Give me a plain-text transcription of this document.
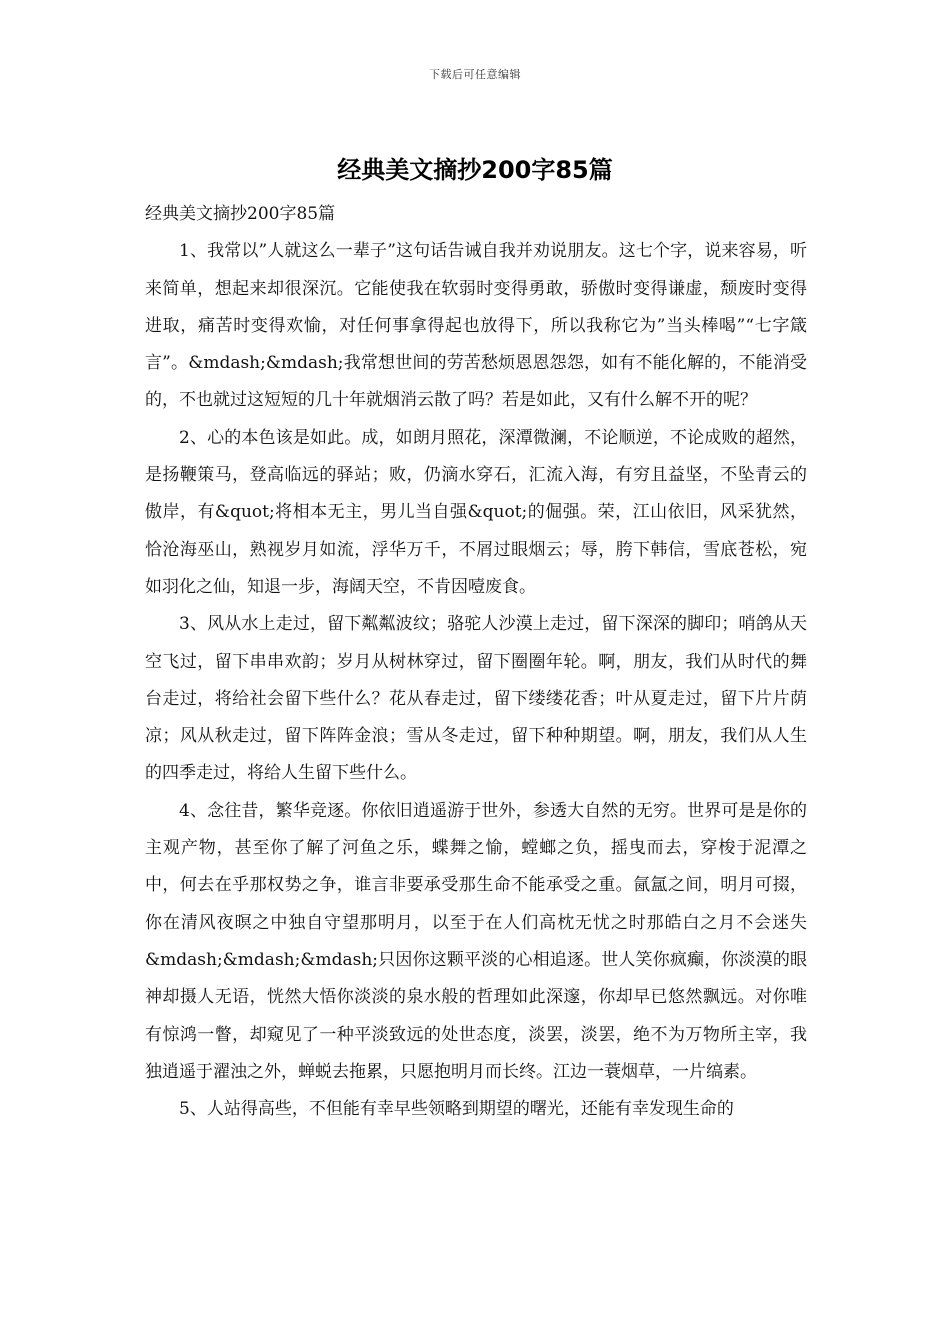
下载后可任意编辑
经典美文摘抄200字85篇

经典美文摘抄200字85篇

1、我常以”人就这么一辈子”这句话告诫自我并劝说朋友。这七个字，说来容易，听来简单，想起来却很深沉。它能使我在软弱时变得勇敢，骄傲时变得谦虚，颓废时变得进取，痛苦时变得欢愉，对任何事拿得起也放得下，所以我称它为”当头棒喝”“七字箴言”。&mdash;&mdash;我常想世间的劳苦愁烦恩恩怨怨，如有不能化解的，不能消受的，不也就过这短短的几十年就烟消云散了吗？若是如此，又有什么解不开的呢？

2、心的本色该是如此。成，如朗月照花，深潭微澜，不论顺逆，不论成败的超然，是扬鞭策马，登高临远的驿站；败，仍滴水穿石，汇流入海，有穷且益坚，不坠青云的傲岸，有&quot;将相本无主，男儿当自强&quot;的倔强。荣，江山依旧，风采犹然，恰沧海巫山，熟视岁月如流，浮华万千，不屑过眼烟云；辱，胯下韩信，雪底苍松，宛如羽化之仙，知退一步，海阔天空，不肯因噎废食。

3、风从水上走过，留下粼粼波纹；骆驼人沙漠上走过，留下深深的脚印；哨鸽从天空飞过，留下串串欢韵；岁月从树林穿过，留下圈圈年轮。啊，朋友，我们从时代的舞台走过，将给社会留下些什么？花从春走过，留下缕缕花香；叶从夏走过，留下片片荫凉；风从秋走过，留下阵阵金浪；雪从冬走过，留下种种期望。啊，朋友，我们从人生的四季走过，将给人生留下些什么。

4、念往昔，繁华竞逐。你依旧逍遥游于世外，参透大自然的无穷。世界可是是你的主观产物，甚至你了解了河鱼之乐，蝶舞之愉，螳螂之负，摇曳而去，穿梭于泥潭之中，何去在乎那权势之争，谁言非要承受那生命不能承受之重。氤氲之间，明月可掇，你在清风夜暝之中独自守望那明月，以至于在人们高枕无忧之时那皓白之月不会迷失&mdash;&mdash;&mdash;只因你这颗平淡的心相追逐。世人笑你疯癫，你淡漠的眼神却摄人无语，恍然大悟你淡淡的泉水般的哲理如此深邃，你却早已悠然飘远。对你唯有惊鸿一瞥，却窥见了一种平淡致远的处世态度，淡罢，淡罢，绝不为万物所主宰，我独逍遥于濯浊之外，蝉蜕去拖累，只愿抱明月而长终。江边一蓑烟草，一片缟素。

5、人站得高些，不但能有幸早些领略到期望的曙光，还能有幸发现生命的
